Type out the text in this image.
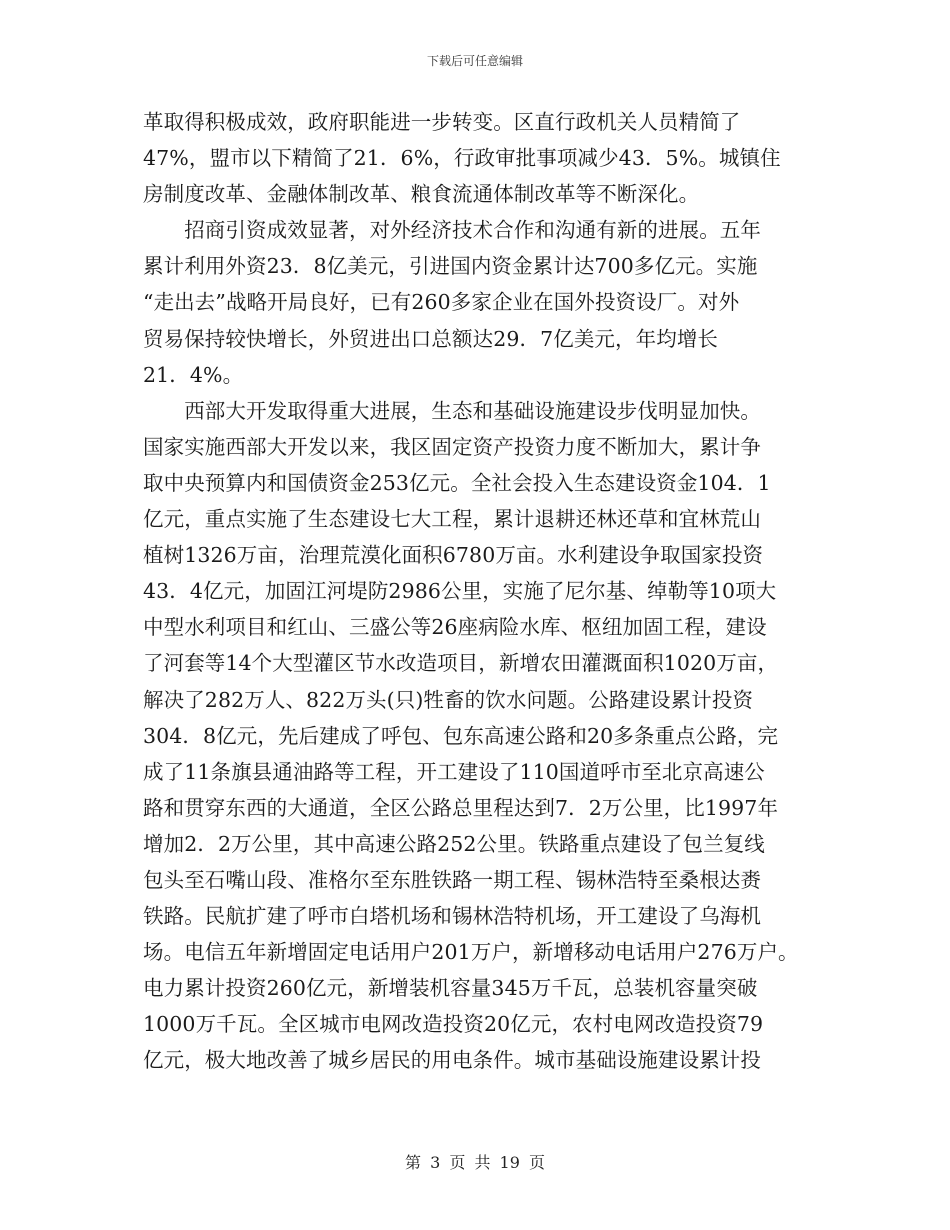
下载后可任意编辑
革取得积极成效，政府职能进一步转变。区直行政机关人员精简了
47%，盟市以下精简了21．6%，行政审批事项减少43．5%。城镇住
房制度改革、金融体制改革、粮食流通体制改革等不断深化。
　　招商引资成效显著，对外经济技术合作和沟通有新的进展。五年
累计利用外资23．8亿美元，引进国内资金累计达700多亿元。实施
“走出去”战略开局良好，已有260多家企业在国外投资设厂。对外
贸易保持较快增长，外贸进出口总额达29．7亿美元，年均增长
21．4%。
　　西部大开发取得重大进展，生态和基础设施建设步伐明显加快。
国家实施西部大开发以来，我区固定资产投资力度不断加大，累计争
取中央预算内和国债资金253亿元。全社会投入生态建设资金104．1
亿元，重点实施了生态建设七大工程，累计退耕还林还草和宜林荒山
植树1326万亩，治理荒漠化面积6780万亩。水利建设争取国家投资
43．4亿元，加固江河堤防2986公里，实施了尼尔基、绰勒等10项大
中型水利项目和红山、三盛公等26座病险水库、枢纽加固工程，建设
了河套等14个大型灌区节水改造项目，新增农田灌溉面积1020万亩，
解决了282万人、822万头(只)牲畜的饮水问题。公路建设累计投资
304．8亿元，先后建成了呼包、包东高速公路和20多条重点公路，完
成了11条旗县通油路等工程，开工建设了110国道呼市至北京高速公
路和贯穿东西的大通道，全区公路总里程达到7．2万公里，比1997年
增加2．2万公里，其中高速公路252公里。铁路重点建设了包兰复线
包头至石嘴山段、准格尔至东胜铁路一期工程、锡林浩特至桑根达赉
铁路。民航扩建了呼市白塔机场和锡林浩特机场，开工建设了乌海机
场。电信五年新增固定电话用户201万户，新增移动电话用户276万户。
电力累计投资260亿元，新增装机容量345万千瓦，总装机容量突破
1000万千瓦。全区城市电网改造投资20亿元，农村电网改造投资79
亿元，极大地改善了城乡居民的用电条件。城市基础设施建设累计投
第 3 页 共 19 页
